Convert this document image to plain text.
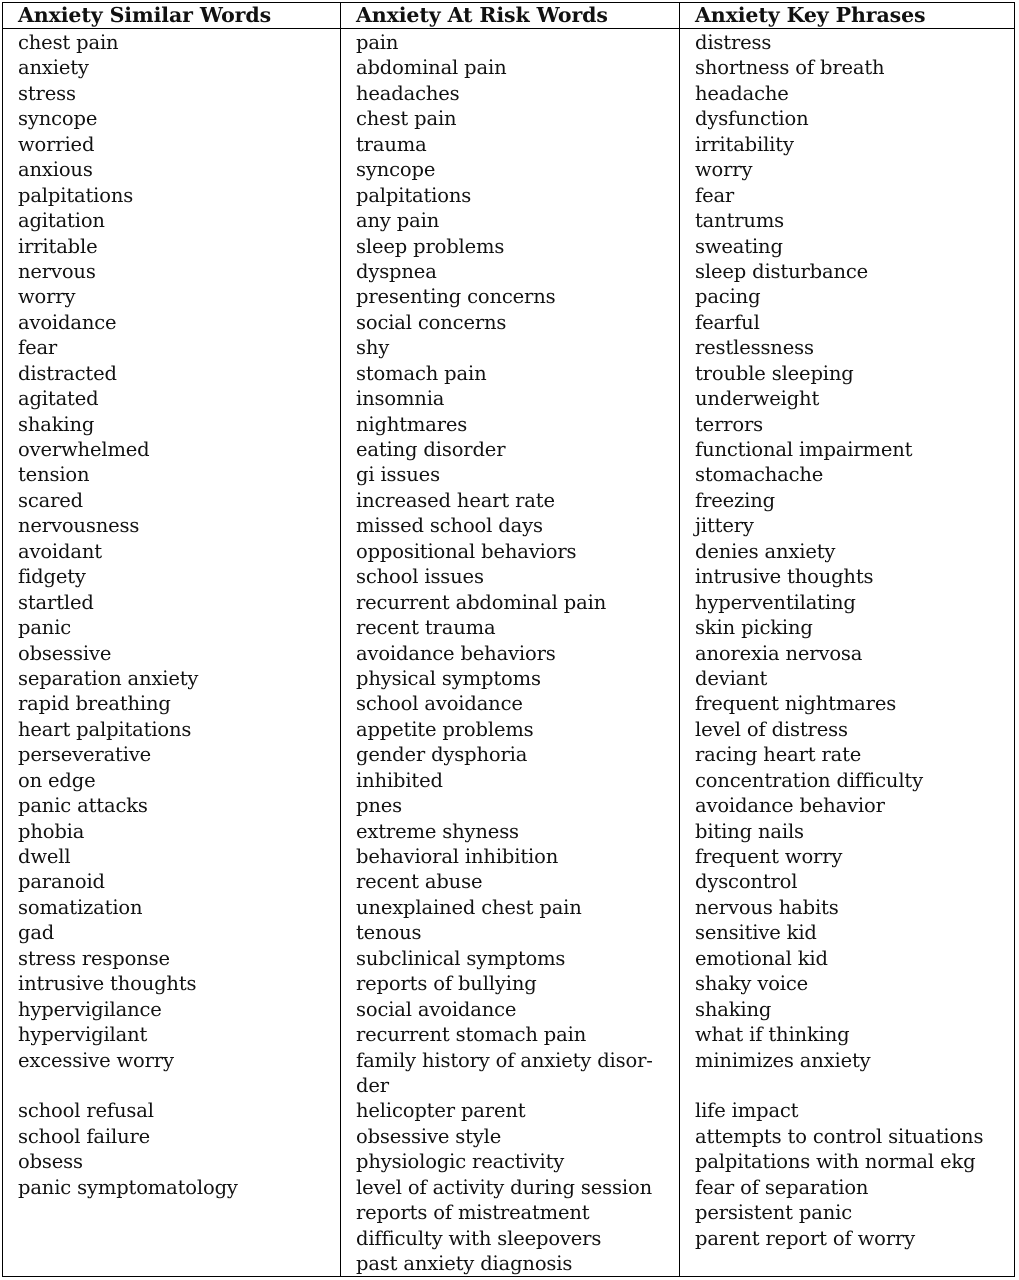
Anxiety Similar Words
chest pain
anxiety
stress
syncope
worried
anxious
palpitations
agitation
irritable
nervous
worry
avoidance
fear
distracted
agitated
shaking
overwhelmed
tension
scared
nervousness
avoidant
fidgety
startled
panic
obsessive
separation anxiety
rapid breathing
heart palpitations
perseverative
on edge
panic attacks
phobia
dwell
paranoid
somatization
gad
stress response
intrusive thoughts
hypervigilance
hypervigilant
excessive worry
school refusal
school failure
obsess
panic symptomatology
Anxiety At Risk Words
pain
abdominal pain
headaches
chest pain
trauma
syncope
palpitations
any pain
sleep problems
dyspnea
presenting concerns
social concerns
shy
stomach pain
insomnia
nightmares
eating disorder
gi issues
increased heart rate
missed school days
oppositional behaviors
school issues
recurrent abdominal pain
recent trauma
avoidance behaviors
physical symptoms
school avoidance
appetite problems
gender dysphoria
inhibited
pnes
extreme shyness
behavioral inhibition
recent abuse
unexplained chest pain
tenous
subclinical symptoms
reports of bullying
social avoidance
recurrent stomach pain
family history of anxiety disor-
der
helicopter parent
obsessive style
physiologic reactivity
level of activity during session
reports of mistreatment
difficulty with sleepovers
past anxiety diagnosis
Anxiety Key Phrases
distress
shortness of breath
headache
dysfunction
irritability
worry
fear
tantrums
sweating
sleep disturbance
pacing
fearful
restlessness
trouble sleeping
underweight
terrors
functional impairment
stomachache
freezing
jittery
denies anxiety
intrusive thoughts
hyperventilating
skin picking
anorexia nervosa
deviant
frequent nightmares
level of distress
racing heart rate
concentration difficulty
avoidance behavior
biting nails
frequent worry
dyscontrol
nervous habits
sensitive kid
emotional kid
shaky voice
shaking
what if thinking
minimizes anxiety
life impact
attempts to control situations
palpitations with normal ekg
fear of separation
persistent panic
parent report of worry
